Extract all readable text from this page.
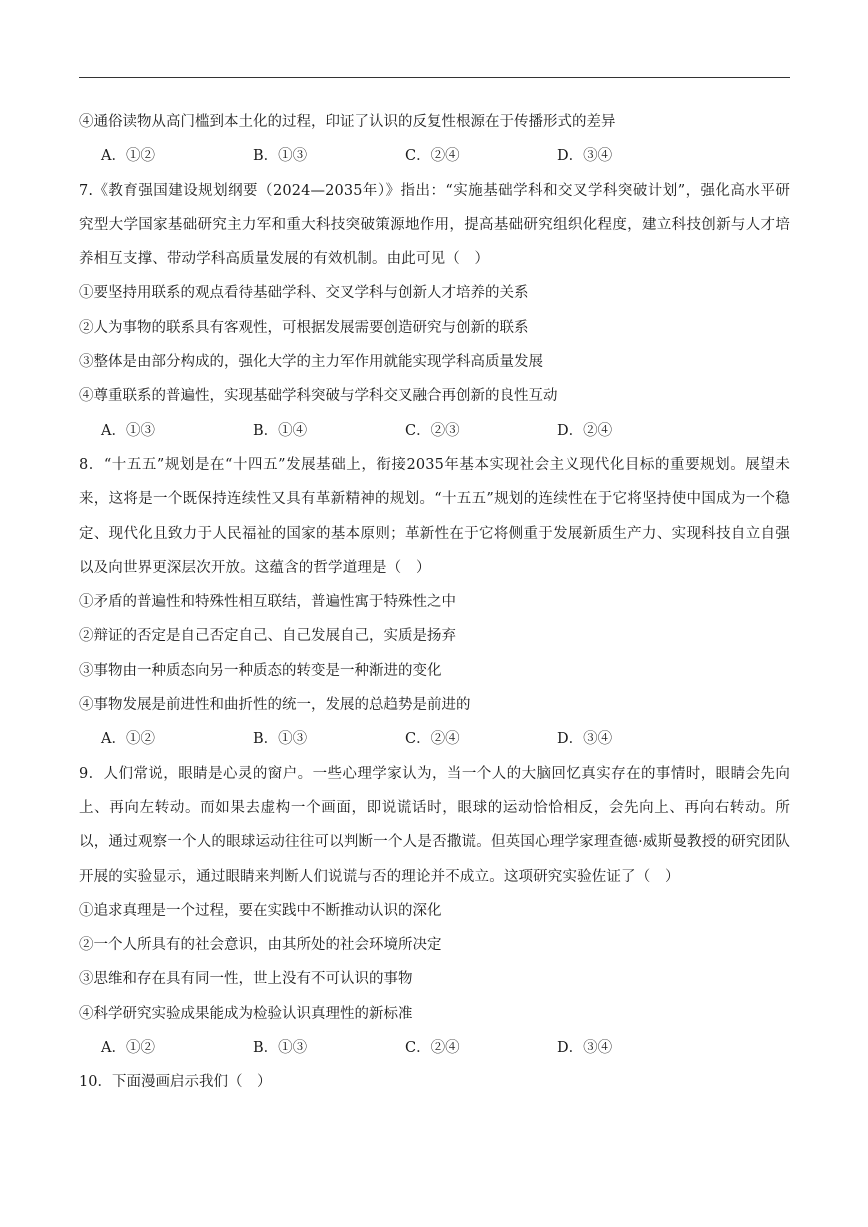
④通俗读物从高门槛到本土化的过程，印证了认识的反复性根源在于传播形式的差异
A．①②	B．①③	C．②④	D．③④
7.《教育强国建设规划纲要（2024—2035年）》指出：“实施基础学科和交叉学科突破计划”，强化高水平研究型大学国家基础研究主力军和重大科技突破策源地作用，提高基础研究组织化程度，建立科技创新与人才培养相互支撑、带动学科高质量发展的有效机制。由此可见（　）
①要坚持用联系的观点看待基础学科、交叉学科与创新人才培养的关系
②人为事物的联系具有客观性，可根据发展需要创造研究与创新的联系
③整体是由部分构成的，强化大学的主力军作用就能实现学科高质量发展
④尊重联系的普遍性，实现基础学科突破与学科交叉融合再创新的良性互动
A．①③	B．①④	C．②③	D．②④
8．“十五五”规划是在“十四五”发展基础上，衔接2035年基本实现社会主义现代化目标的重要规划。展望未来，这将是一个既保持连续性又具有革新精神的规划。“十五五”规划的连续性在于它将坚持使中国成为一个稳定、现代化且致力于人民福祉的国家的基本原则；革新性在于它将侧重于发展新质生产力、实现科技自立自强以及向世界更深层次开放。这蕴含的哲学道理是（　）
①矛盾的普遍性和特殊性相互联结，普遍性寓于特殊性之中
②辩证的否定是自己否定自己、自己发展自己，实质是扬弃
③事物由一种质态向另一种质态的转变是一种渐进的变化
④事物发展是前进性和曲折性的统一，发展的总趋势是前进的
A．①②	B．①③	C．②④	D．③④
9．人们常说，眼睛是心灵的窗户。一些心理学家认为，当一个人的大脑回忆真实存在的事情时，眼睛会先向上、再向左转动。而如果去虚构一个画面，即说谎话时，眼球的运动恰恰相反，会先向上、再向右转动。所以，通过观察一个人的眼球运动往往可以判断一个人是否撒谎。但英国心理学家理查德·威斯曼教授的研究团队开展的实验显示，通过眼睛来判断人们说谎与否的理论并不成立。这项研究实验佐证了（　）
①追求真理是一个过程，要在实践中不断推动认识的深化
②一个人所具有的社会意识，由其所处的社会环境所决定
③思维和存在具有同一性，世上没有不可认识的事物
④科学研究实验成果能成为检验认识真理性的新标准
A．①②	B．①③	C．②④	D．③④
10．下面漫画启示我们（　）
